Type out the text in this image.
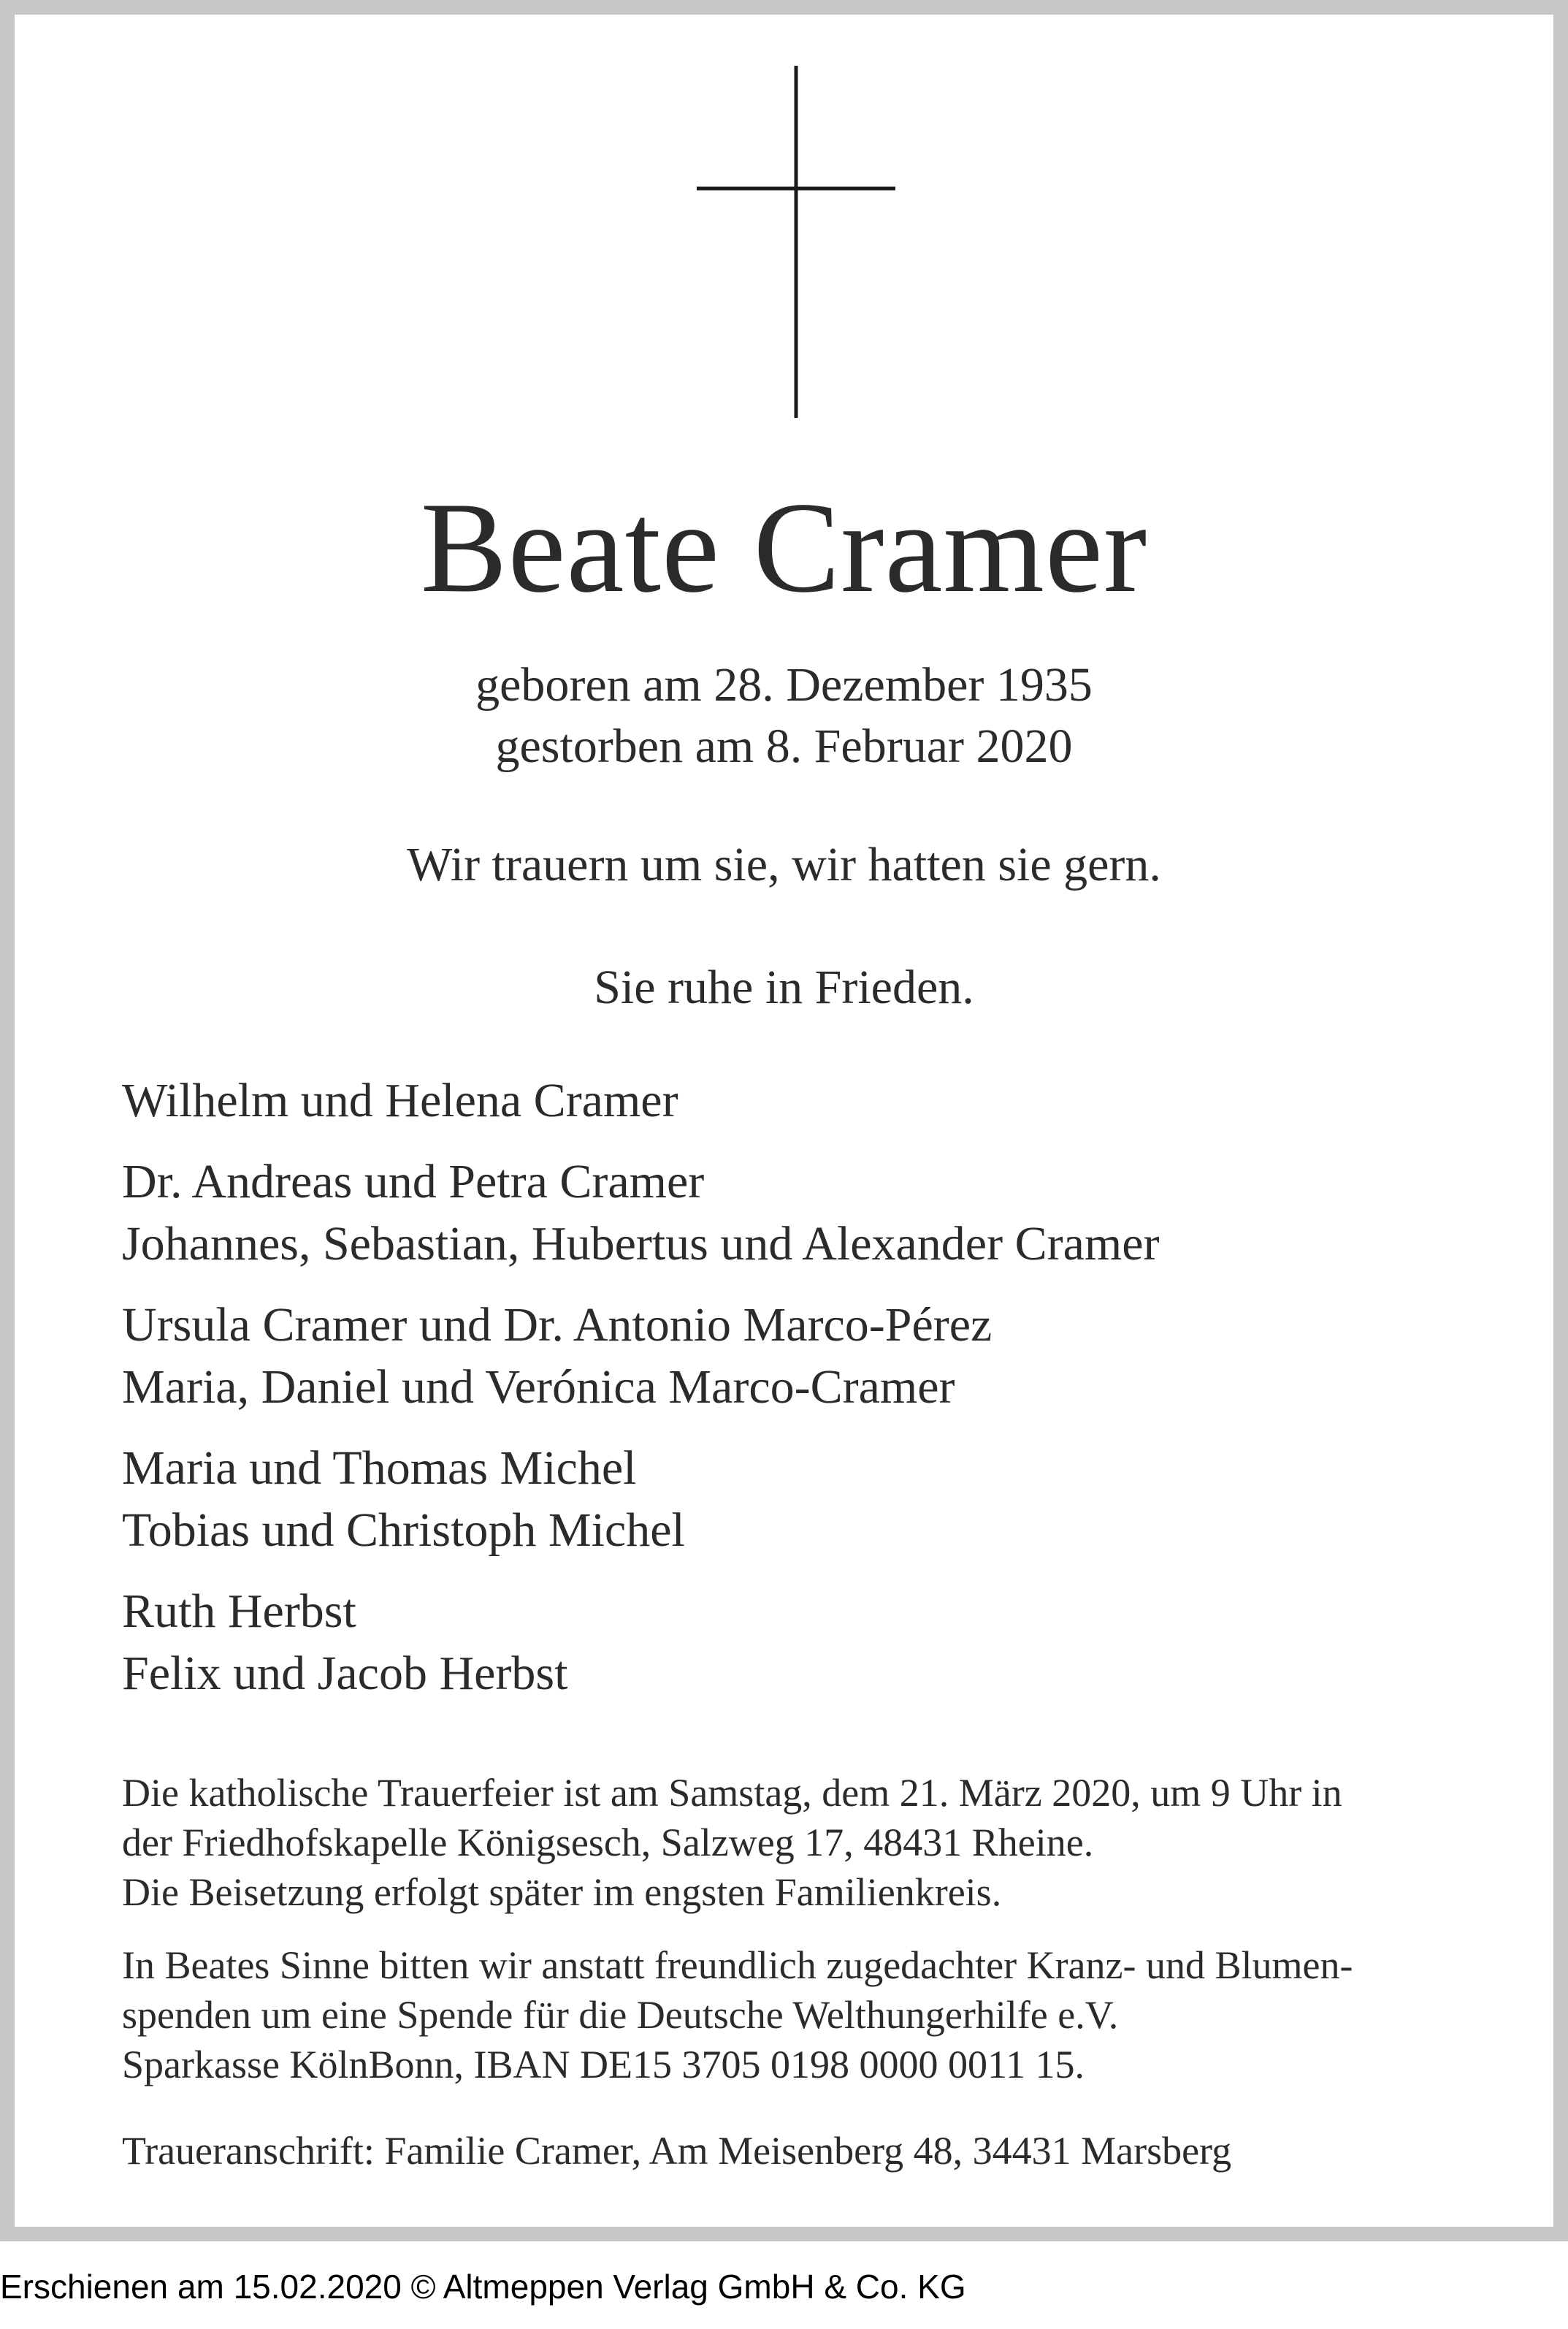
Beate Cramer
geboren am 28. Dezember 1935
gestorben am 8. Februar 2020
Wir trauern um sie, wir hatten sie gern.
Sie ruhe in Frieden.
Wilhelm und Helena Cramer
Dr. Andreas und Petra Cramer
Johannes, Sebastian, Hubertus und Alexander Cramer
Ursula Cramer und Dr. Antonio Marco-Pérez
Maria, Daniel und Verónica Marco-Cramer
Maria und Thomas Michel
Tobias und Christoph Michel
Ruth Herbst
Felix und Jacob Herbst
Die katholische Trauerfeier ist am Samstag, dem 21. März 2020, um 9 Uhr in
der Friedhofskapelle Königsesch, Salzweg 17, 48431 Rheine.
Die Beisetzung erfolgt später im engsten Familienkreis.
In Beates Sinne bitten wir anstatt freundlich zugedachter Kranz- und Blumen-
spenden um eine Spende für die Deutsche Welthungerhilfe e.V.
Sparkasse KölnBonn, IBAN DE15 3705 0198 0000 0011 15.
Traueranschrift: Familie Cramer, Am Meisenberg 48, 34431 Marsberg
Erschienen am 15.02.2020 © Altmeppen Verlag GmbH & Co. KG
